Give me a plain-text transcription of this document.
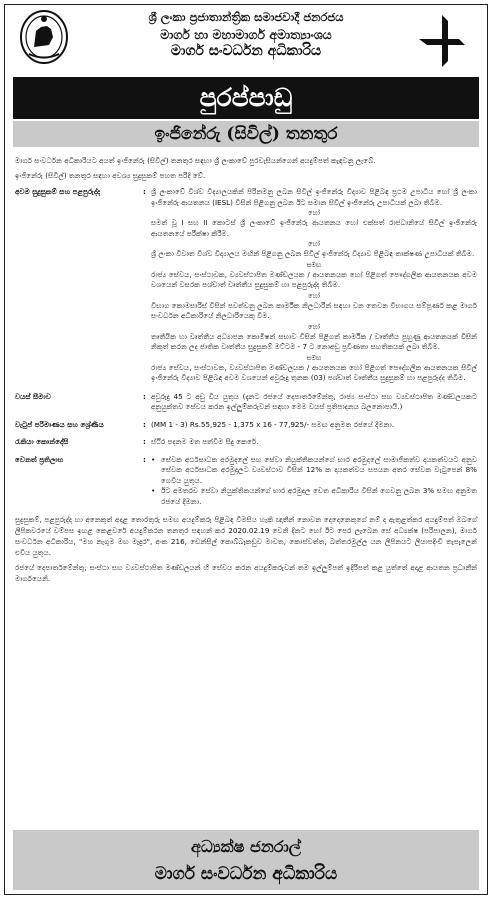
ශ්‍රී ලංකා ප්‍රජාතාන්ත්‍රික සමාජවාදී ජනරජය
මාර්ග හා මහාමාර්ග අමාත්‍යාංශය
මාර්ග සංවර්ධන අධිකාරිය
පුරප්පාඩු
ඉංජිනේරු (සිවිල්) තනතුර
මාර්ග සංවර්ධන අධිකාරියට අයත් ඉංජිනේරු (සිවිල්) තනතුර සඳහා ශ්‍රී ලංකාවේ පුරවැසියන්ගෙන් අයදුම්පත් කැඳවනු ලැබේ.
ඉංජිනේරු (සිවිල්) තනතුර සඳහා අවශ්‍ය සුදුසුකම් පහත පරිදි වේ.
අවම සුදුසුකම් සහ පළපුරුද්ද	: ශ්‍රී ලංකාවේ විශ්ව විද්‍යාලයකින් පිරිනමනු ලබන සිවිල් ඉංජිනේරු විද්‍යාව පිළිබඳ ප්‍රථම උපාධිය හෝ ශ්‍රී ලංකා ඉංජිනේරු ආයතනය (IESL) විසින් පිළිගනු ලබන ඊට සමාන සිවිල් ඉංජිනේරු උපාධියක් ලබා තිබීම.
හෝ
සමත් වූ I සහ II කොටස් ශ්‍රී ලංකාවේ ඉංජිනේරු ආයතනය හෝ එක්සත් රාජධානියේ සිවිල් ඉංජිනේරු ආයතනයේ පරීක්ෂා කිරීම.
හෝ
ශ්‍රී ලංකා විවෘත විශ්ව විද්‍යාලය මඟින් පිළිගනු ලබන සිවිල් ඉංජිනේරු විද්‍යාව පිළිබඳ තාක්ෂණ උපාධියක් තිබීම.
සමඟ
රාජ්‍ය සේවය, සංස්ථාවක, ව්‍යවස්ථාපිත මණ්ඩලයක / ආයතනයක හෝ පිළිගත් පෞද්ගලික ආයතනයක අවම වශයෙන් වසරක පශ්චාත් වෘත්තීය සුදුසුකම් හා පළපුරුද්ද තිබීම.
හෝ
විභාග කොමසාරිස් විසින් පවත්වනු ලබන කාර්මික නිලධාරීන් සඳහා වන තෙවන විභාගය සම්පූර්ණ කළ මාර්ග සංවර්ධන අධිකාරියේ නිලධාරියෙකු වීම.
හෝ
තෘතීයික හා වෘත්තීය අධ්‍යාපන කොමිෂන් සභාව විසින් පිළිගත් කාර්මික / වෘත්තීය පුහුණු ආයතනයක් විසින් නිකුත් කරන ලද ජාතික වෘත්තීය සුදුසුකම් මට්ටම - 7 ට නොඅඩු ප්‍රවීණතා සහතිකයක් ලබා තිබීම.
සමඟ
රාජ්‍ය සේවය, සංස්ථාවක, ව්‍යවස්ථාපිත මණ්ඩලයක / ආයතනයක හෝ පිළිගත් පෞද්ගලික ආයතනයක සිවිල් ඉංජිනේරු විද්‍යාව පිළිබඳ අවම වශයෙන් අවුරුදු තුනක (03) පශ්චාත් වෘත්තීය සුදුසුකම් හා පළපුරුද්ද තිබීම.
වයස් සීමාව	: අවුරුදු 45 ට අඩු විය යුතුය (දැනට රජයේ දෙපාර්තමේන්තු, රාජ්‍ය සංස්ථා සහ ව්‍යවස්ථාපිත මණ්ඩලයකට අනුයුක්තව සේවය කරන ඉල්ලුම්කරුවන් සඳහා මෙම වයස් ප්‍රතිපාදනය බලනොපායි.)
වැටුප් පරිමාණය සහ ශ්‍රේණිය	: (MM 1 - 3) Rs.55,925 - 1,375 x 16 - 77,925/- සමඟ අනුමත රජයේ දීමනා.
රැකියා කොන්දේසි	: ස්ථිර පදනම මත පත්වීම සිදු කෙරේ.
වෙනත් ප්‍රතිලාභ	: • සේවක අර්ථසාධක අරමුදලේ සහ සේවා නියුක්තිකයන්ගේ භාර අරමුදලේ සාමාජිකත්ව දායකත්වයට අනුව සේවක අර්ථසාධක අරමුදලට ව්‍යවස්ථාව විසින් 12% ක දායකත්වය සපයන අතර සේවක වැටුපෙන් 8% ගෙවිය යුතුය.
• ඊට අමතරව සේවා නියුක්තිකයන්ගේ භාර අරමුදල වෙත අධිකාරිය විසින් ගෙවනු ලබන 3% සමඟ අනුමත රජයේ දීමනා.
සුදුසුකම්, පළපුරුද්ද හා අනෙකුත් අදාළ තොරතුරු සමඟ අයදුම්කරු පිළිබඳ විමසිය හැකි ඥාතීන් නොවන දෙදෙනෙකුගේ නම් ද ඇතුළත්කර අයදුම්පත් ඔබගේ ලිපිකවරයේ වම්පස ඉහළ කෙළවරේ අයදුම්කරන තනතුර සඳහන් කර 2020.02.19 වෙනි දිනට හෝ ඊට පෙර ලැබෙන සේ අධ්‍යක්ෂ (පරිපාලන), මාර්ග සංවර්ධන අධිකාරිය, "මහ නැගුම මහ මැදුර", අංක 216, ඩෙන්සිල් කොබ්බෑකඩුව මාවත, කොස්වත්ත, බත්තරමුල්ල යන ලිපිනයට ලියාපදිංචි තැපෑලෙන් එවිය යුතුය.
රජයේ දෙපාර්තමේන්තු, සංස්ථා සහ ව්‍යවස්ථාපිත මණ්ඩලයන් හි සේවය කරන අයදුම්කරුවන් තම ඉල්ලුම්පත් ඉදිරිපත් කළ යුත්තේ අදාළ ආයතන ප්‍රධානීන් මාර්ගයෙනි.
අධ්‍යක්ෂ ජනරාල්
මාර්ග සංවර්ධන අධිකාරිය
